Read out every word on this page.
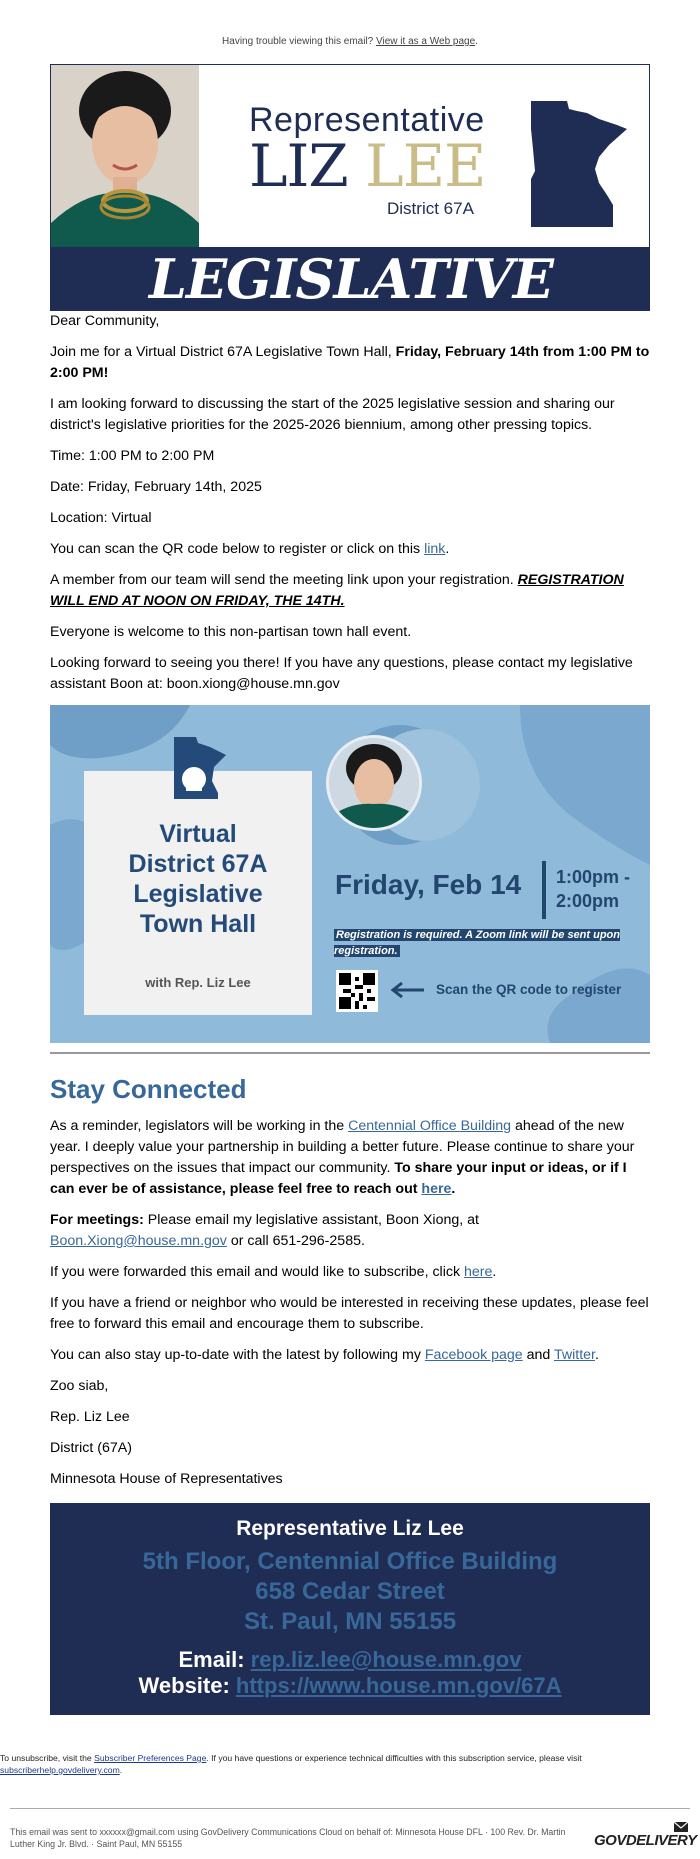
Having trouble viewing this email? View it as a Web page.
Representative
LIZ LEE
District 67A
LEGISLATIVE

Dear Community,

Join me for a Virtual District 67A Legislative Town Hall, Friday, February 14th from 1:00 PM to 2:00 PM!

I am looking forward to discussing the start of the 2025 legislative session and sharing our district's legislative priorities for the 2025-2026 biennium, among other pressing topics.

Time: 1:00 PM to 2:00 PM

Date: Friday, February 14th, 2025

Location: Virtual

You can scan the QR code below to register or click on this link.

A member from our team will send the meeting link upon your registration. REGISTRATION WILL END AT NOON ON FRIDAY, THE 14TH.

Everyone is welcome to this non-partisan town hall event.

Looking forward to seeing you there! If you have any questions, please contact my legislative assistant Boon at: boon.xiong@house.mn.gov

Virtual
District 67A
Legislative
Town Hall
with Rep. Liz Lee
Friday, Feb 14 1:00pm -
2:00pm
Registration is required. A Zoom link will be sent upon registration.
Scan the QR code to register
Stay Connected

As a reminder, legislators will be working in the Centennial Office Building ahead of the new year. I deeply value your partnership in building a better future. Please continue to share your perspectives on the issues that impact our community. To share your input or ideas, or if I can ever be of assistance, please feel free to reach out here.

For meetings: Please email my legislative assistant, Boon Xiong, at Boon.Xiong@house.mn.gov or call 651-296-2585.

If you were forwarded this email and would like to subscribe, click here.

If you have a friend or neighbor who would be interested in receiving these updates, please feel free to forward this email and encourage them to subscribe.

You can also stay up-to-date with the latest by following my Facebook page and Twitter.

Zoo siab,

Rep. Liz Lee

District (67A)

Minnesota House of Representatives

Representative Liz Lee
5th Floor, Centennial Office Building
658 Cedar Street
St. Paul, MN 55155
Email: rep.liz.lee@house.mn.gov
Website: https://www.house.mn.gov/67A
To unsubscribe, visit the Subscriber Preferences Page. If you have questions or experience technical difficulties with this subscription service, please visit subscriberhelp.govdelivery.com.
This email was sent to xxxxxx@gmail.com using GovDelivery Communications Cloud on behalf of: Minnesota House DFL · 100 Rev. Dr. Martin Luther King Jr. Blvd. · Saint Paul, MN 55155	GOVDELIVERY
